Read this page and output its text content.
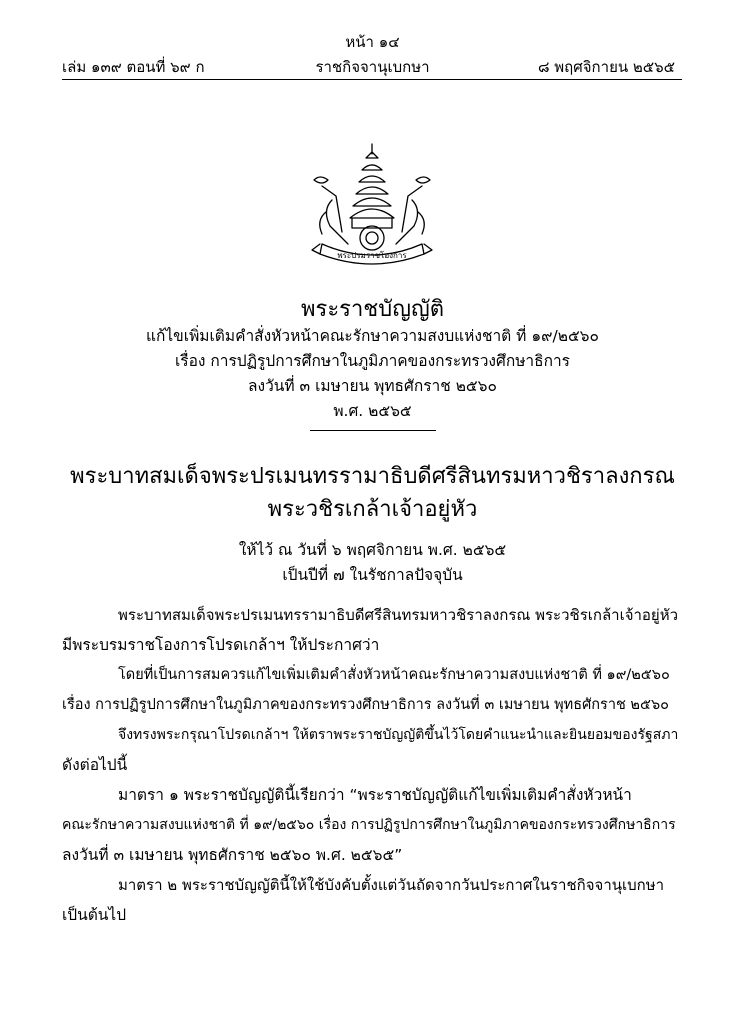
หน้า ๑๔
เล่ม ๑๓๙ ตอนที่ ๖๙ ก	ราชกิจจานุเบกษา	๘ พฤศจิกายน ๒๕๖๕
พระปรมราชโองการ
พระราชบัญญัติ
แก้ไขเพิ่มเติมคำสั่งหัวหน้าคณะรักษาความสงบแห่งชาติ ที่ ๑๙/๒๕๖๐
เรื่อง การปฏิรูปการศึกษาในภูมิภาคของกระทรวงศึกษาธิการ
ลงวันที่ ๓ เมษายน พุทธศักราช ๒๕๖๐
พ.ศ. ๒๕๖๕
พระบาทสมเด็จพระปรเมนทรรามาธิบดีศรีสินทรมหาวชิราลงกรณ
พระวชิรเกล้าเจ้าอยู่หัว
ให้ไว้ ณ วันที่ ๖ พฤศจิกายน พ.ศ. ๒๕๖๕
เป็นปีที่ ๗ ในรัชกาลปัจจุบัน
พระบาทสมเด็จพระปรเมนทรรามาธิบดีศรีสินทรมหาวชิราลงกรณ พระวชิรเกล้าเจ้าอยู่หัว
มีพระบรมราชโองการโปรดเกล้าฯ ให้ประกาศว่า
โดยที่เป็นการสมควรแก้ไขเพิ่มเติมคำสั่งหัวหน้าคณะรักษาความสงบแห่งชาติ ที่ ๑๙/๒๕๖๐
เรื่อง การปฏิรูปการศึกษาในภูมิภาคของกระทรวงศึกษาธิการ ลงวันที่ ๓ เมษายน พุทธศักราช ๒๕๖๐
จึงทรงพระกรุณาโปรดเกล้าฯ ให้ตราพระราชบัญญัติขึ้นไว้โดยคำแนะนำและยินยอมของรัฐสภา
ดังต่อไปนี้
มาตรา ๑ พระราชบัญญัตินี้เรียกว่า “พระราชบัญญัติแก้ไขเพิ่มเติมคำสั่งหัวหน้า
คณะรักษาความสงบแห่งชาติ ที่ ๑๙/๒๕๖๐ เรื่อง การปฏิรูปการศึกษาในภูมิภาคของกระทรวงศึกษาธิการ
ลงวันที่ ๓ เมษายน พุทธศักราช ๒๕๖๐ พ.ศ. ๒๕๖๕”
มาตรา ๒ พระราชบัญญัตินี้ให้ใช้บังคับตั้งแต่วันถัดจากวันประกาศในราชกิจจานุเบกษา
เป็นต้นไป
